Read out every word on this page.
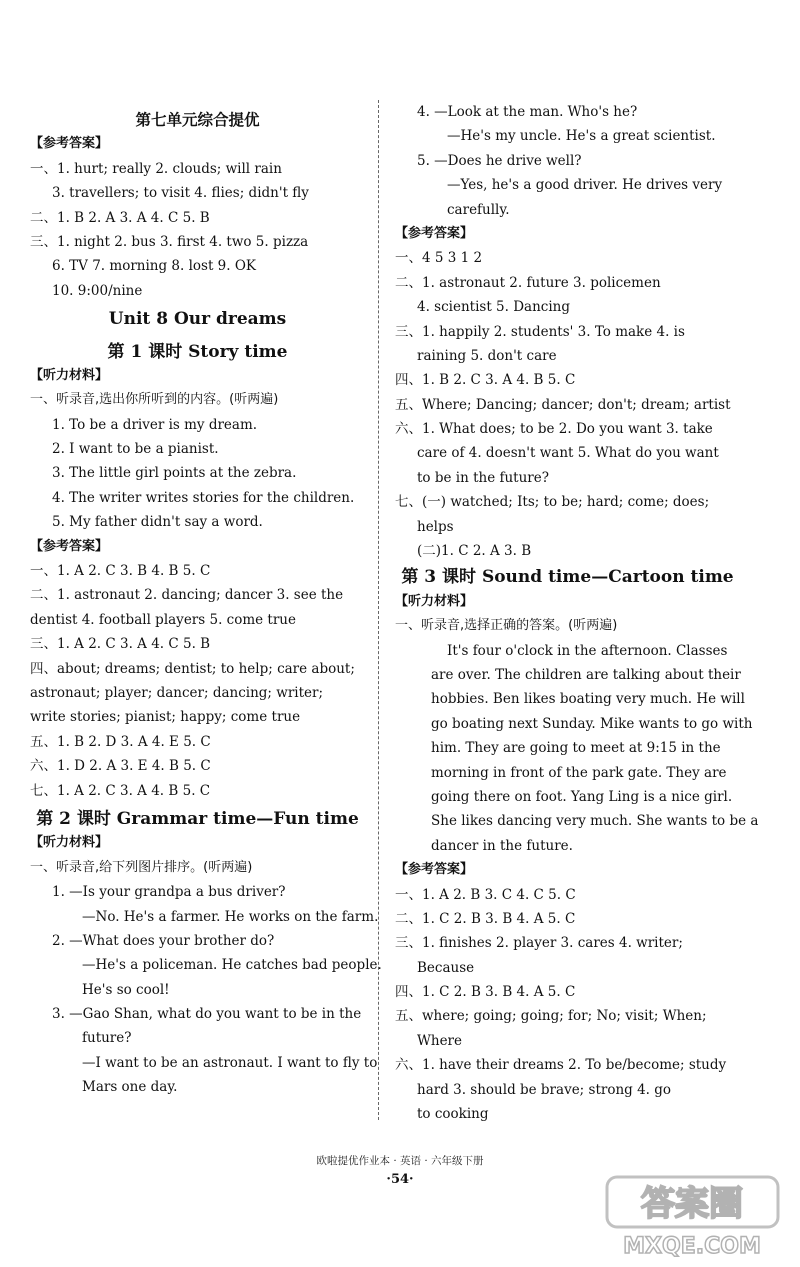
第七单元综合提优
【参考答案】
一、1. hurt; really 2. clouds; will rain
3. travellers; to visit 4. flies; didn't fly
二、1. B 2. A 3. A 4. C 5. B
三、1. night 2. bus 3. first 4. two 5. pizza
6. TV 7. morning 8. lost 9. OK
10. 9:00/nine
Unit 8 Our dreams
第 1 课时 Story time
【听力材料】
一、听录音,选出你所听到的内容。(听两遍)
1. To be a driver is my dream.
2. I want to be a pianist.
3. The little girl points at the zebra.
4. The writer writes stories for the children.
5. My father didn't say a word.
【参考答案】
一、1. A 2. C 3. B 4. B 5. C
二、1. astronaut 2. dancing; dancer 3. see the
dentist 4. football players 5. come true
三、1. A 2. C 3. A 4. C 5. B
四、about; dreams; dentist; to help; care about;
astronaut; player; dancer; dancing; writer;
write stories; pianist; happy; come true
五、1. B 2. D 3. A 4. E 5. C
六、1. D 2. A 3. E 4. B 5. C
七、1. A 2. C 3. A 4. B 5. C
第 2 课时 Grammar time—Fun time
【听力材料】
一、听录音,给下列图片排序。(听两遍)
1. —Is your grandpa a bus driver?
—No. He's a farmer. He works on the farm.
2. —What does your brother do?
—He's a policeman. He catches bad people.
He's so cool!
3. —Gao Shan, what do you want to be in the
future?
—I want to be an astronaut. I want to fly to
Mars one day.
4. —Look at the man. Who's he?
—He's my uncle. He's a great scientist.
5. —Does he drive well?
—Yes, he's a good driver. He drives very
carefully.
【参考答案】
一、4 5 3 1 2
二、1. astronaut 2. future 3. policemen
4. scientist 5. Dancing
三、1. happily 2. students' 3. To make 4. is
raining 5. don't care
四、1. B 2. C 3. A 4. B 5. C
五、Where; Dancing; dancer; don't; dream; artist
六、1. What does; to be 2. Do you want 3. take
care of 4. doesn't want 5. What do you want
to be in the future?
七、(一) watched; Its; to be; hard; come; does;
helps
(二)1. C 2. A 3. B
第 3 课时 Sound time—Cartoon time
【听力材料】
一、听录音,选择正确的答案。(听两遍)
It's four o'clock in the afternoon. Classes
are over. The children are talking about their
hobbies. Ben likes boating very much. He will
go boating next Sunday. Mike wants to go with
him. They are going to meet at 9:15 in the
morning in front of the park gate. They are
going there on foot. Yang Ling is a nice girl.
She likes dancing very much. She wants to be a
dancer in the future.
【参考答案】
一、1. A 2. B 3. C 4. C 5. C
二、1. C 2. B 3. B 4. A 5. C
三、1. finishes 2. player 3. cares 4. writer;
Because
四、1. C 2. B 3. B 4. A 5. C
五、where; going; going; for; No; visit; When;
Where
六、1. have their dreams 2. To be/become; study
hard 3. should be brave; strong 4. go
to cooking
欧啦提优作业本 · 英语 · 六年级下册
·54·
答案圈
MXQE.COM
